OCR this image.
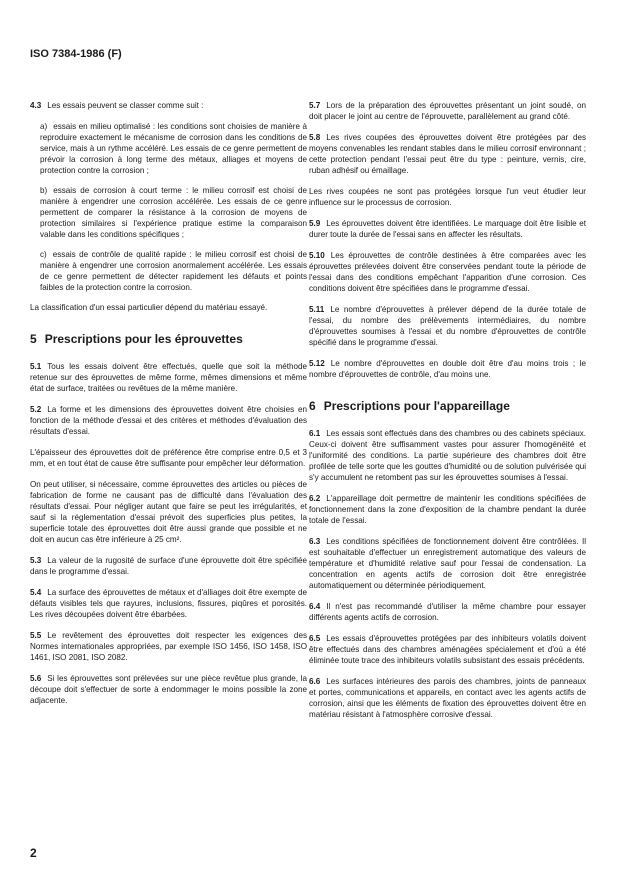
ISO 7384-1986 (F)

4.3 Les essais peuvent se classer comme suit :

a) essais en milieu optimalisé : les conditions sont choisies de manière à reproduire exactement le mécanisme de corrosion dans les conditions de service, mais à un rythme accéléré. Les essais de ce genre permettent de prévoir la corrosion à long terme des métaux, alliages et moyens de protection contre la corrosion ;

b) essais de corrosion à court terme : le milieu corrosif est choisi de manière à engendrer une corrosion accélérée. Les essais de ce genre permettent de comparer la résistance à la corrosion de moyens de protection similaires si l'expérience pratique estime la comparaison valable dans les conditions spécifiques ;

c) essais de contrôle de qualité rapide : le milieu corrosif est choisi de manière à engendrer une corrosion anormalement accélérée. Les essais de ce genre permettent de détecter rapidement les défauts et points faibles de la protection contre la corrosion.

La classification d'un essai particulier dépend du matériau essayé.

5 Prescriptions pour les éprouvettes

5.1 Tous les essais doivent être effectués, quelle que soit la méthode retenue sur des éprouvettes de même forme, mêmes dimensions et même état de surface, traitées ou revêtues de la même manière.

5.2 La forme et les dimensions des éprouvettes doivent être choisies en fonction de la méthode d'essai et des critères et méthodes d'évaluation des résultats d'essai.

L'épaisseur des éprouvettes doit de préférence être comprise entre 0,5 et 3 mm, et en tout état de cause être suffisante pour empêcher leur déformation.

On peut utiliser, si nécessaire, comme éprouvettes des articles ou pièces de fabrication de forme ne causant pas de difficulté dans l'évaluation des résultats d'essai. Pour négliger autant que faire se peut les irrégularités, et sauf si la réglementation d'essai prévoit des superficies plus petites, la superficie totale des éprouvettes doit être aussi grande que possible et ne doit en aucun cas être inférieure à 25 cm².

5.3 La valeur de la rugosité de surface d'une éprouvette doit être spécifiée dans le programme d'essai.

5.4 La surface des éprouvettes de métaux et d'alliages doit être exempte de défauts visibles tels que rayures, inclusions, fissures, piqûres et porosités. Les rives découpées doivent être ébarbées.

5.5 Le revêtement des éprouvettes doit respecter les exigences des Normes internationales appropriées, par exemple ISO 1456, ISO 1458, ISO 1461, ISO 2081, ISO 2082.

5.6 Si les éprouvettes sont prélevées sur une pièce revêtue plus grande, la découpe doit s'effectuer de sorte à endommager le moins possible la zone adjacente.

5.7 Lors de la préparation des éprouvettes présentant un joint soudé, on doit placer le joint au centre de l'éprouvette, parallèlement au grand côté.

5.8 Les rives coupées des éprouvettes doivent être protégées par des moyens convenables les rendant stables dans le milieu corrosif environnant ; cette protection pendant l'essai peut être du type : peinture, vernis, cire, ruban adhésif ou émaillage.

Les rives coupées ne sont pas protégées lorsque l'un veut étudier leur influence sur le processus de corrosion.

5.9 Les éprouvettes doivent être identifiées. Le marquage doit être lisible et durer toute la durée de l'essai sans en affecter les résultats.

5.10 Les éprouvettes de contrôle destinées à être comparées avec les éprouvettes prélevées doivent être conservées pendant toute la période de l'essai dans des conditions empêchant l'apparition d'une corrosion. Ces conditions doivent être spécifiées dans le programme d'essai.

5.11 Le nombre d'éprouvettes à prélever dépend de la durée totale de l'essai, du nombre des prélèvements intermédiaires, du nombre d'éprouvettes soumises à l'essai et du nombre d'éprouvettes de contrôle spécifié dans le programme d'essai.

5.12 Le nombre d'éprouvettes en double doit être d'au moins trois ; le nombre d'éprouvettes de contrôle, d'au moins une.

6 Prescriptions pour l'appareillage

6.1 Les essais sont effectués dans des chambres ou des cabinets spéciaux. Ceux-ci doivent être suffisamment vastes pour assurer l'homogénéité et l'uniformité des conditions. La partie supérieure des chambres doit être profilée de telle sorte que les gouttes d'humidité ou de solution pulvérisée qui s'y accumulent ne retombent pas sur les éprouvettes soumises à l'essai.

6.2 L'appareillage doit permettre de maintenir les conditions spécifiées de fonctionnement dans la zone d'exposition de la chambre pendant la durée totale de l'essai.

6.3 Les conditions spécifiées de fonctionnement doivent être contrôlées. Il est souhaitable d'effectuer un enregistrement automatique des valeurs de température et d'humidité relative sauf pour l'essai de condensation. La concentration en agents actifs de corrosion doit être enregistrée automatiquement ou déterminée périodiquement.

6.4 Il n'est pas recommandé d'utiliser la même chambre pour essayer différents agents actifs de corrosion.

6.5 Les essais d'éprouvettes protégées par des inhibiteurs volatils doivent être effectués dans des chambres aménagées spécialement et d'où a été éliminée toute trace des inhibiteurs volatils subsistant des essais précédents.

6.6 Les surfaces intérieures des parois des chambres, joints de panneaux et portes, communications et appareils, en contact avec les agents actifs de corrosion, ainsi que les éléments de fixation des éprouvettes doivent être en matériau résistant à l'atmosphère corrosive d'essai.

2
